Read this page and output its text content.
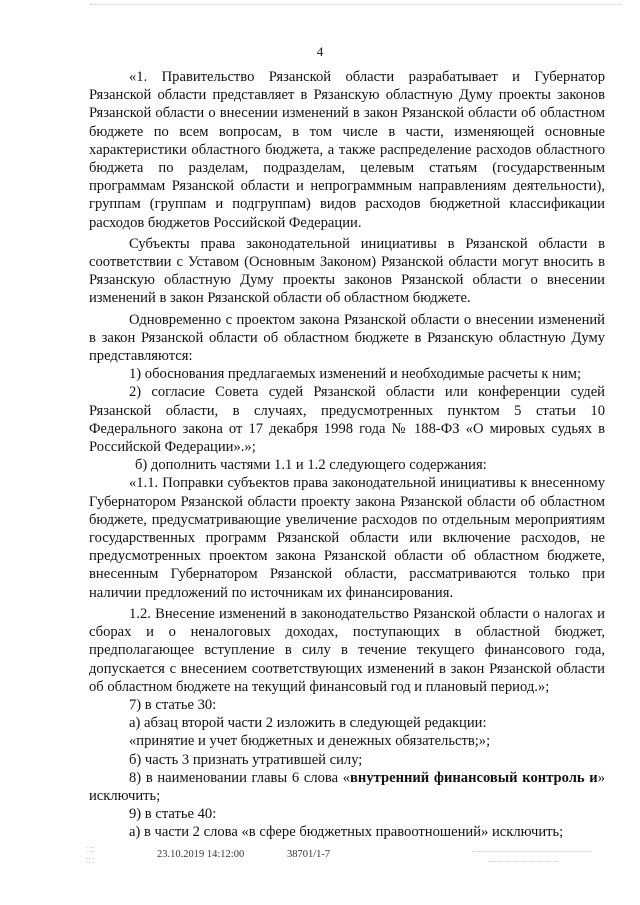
4

«1. Правительство Рязанской области разрабатывает и Губернатор Рязанской области представляет в Рязанскую областную Думу проекты законов Рязанской области о внесении изменений в закон Рязанской области об областном бюджете по всем вопросам, в том числе в части, изменяющей основные характеристики областного бюджета, а также распределение расходов областного бюджета по разделам, подразделам, целевым статьям (государственным программам Рязанской области и непрограммным направлениям деятельности), группам (группам и подгруппам) видов расходов бюджетной классификации расходов бюджетов Российской Федерации.

Субъекты права законодательной инициативы в Рязанской области в соответствии с Уставом (Основным Законом) Рязанской области могут вносить в Рязанскую областную Думу проекты законов Рязанской области о внесении изменений в закон Рязанской области об областном бюджете.

Одновременно с проектом закона Рязанской области о внесении изменений в закон Рязанской области об областном бюджете в Рязанскую областную Думу представляются:

1) обоснования предлагаемых изменений и необходимые расчеты к ним;

2) согласие Совета судей Рязанской области или конференции судей Рязанской области, в случаях, предусмотренных пунктом 5 статьи 10 Федерального закона от 17 декабря 1998 года № 188-ФЗ «О мировых судьях в Российской Федерации».»;

б) дополнить частями 1.1 и 1.2 следующего содержания:

«1.1. Поправки субъектов права законодательной инициативы к внесенному Губернатором Рязанской области проекту закона Рязанской области об областном бюджете, предусматривающие увеличение расходов по отдельным мероприятиям государственных программ Рязанской области или включение расходов, не предусмотренных проектом закона Рязанской области об областном бюджете, внесенным Губернатором Рязанской области, рассматриваются только при наличии предложений по источникам их финансирования.

1.2. Внесение изменений в законодательство Рязанской области о налогах и сборах и о неналоговых доходах, поступающих в областной бюджет, предполагающее вступление в силу в течение текущего финансового года, допускается с внесением соответствующих изменений в закон Рязанской области об областном бюджете на текущий финансовый год и плановый период.»;

7) в статье 30:

а) абзац второй части 2 изложить в следующей редакции:

«принятие и учет бюджетных и денежных обязательств;»;

б) часть 3 признать утратившей силу;

8) в наименовании главы 6 слова «внутренний финансовый контроль и» исключить;

9) в статье 40:

а) в части 2 слова «в сфере бюджетных правоотношений» исключить;

∷∶
∶∷
23.10.2019 14:12:00	38701/1-7
